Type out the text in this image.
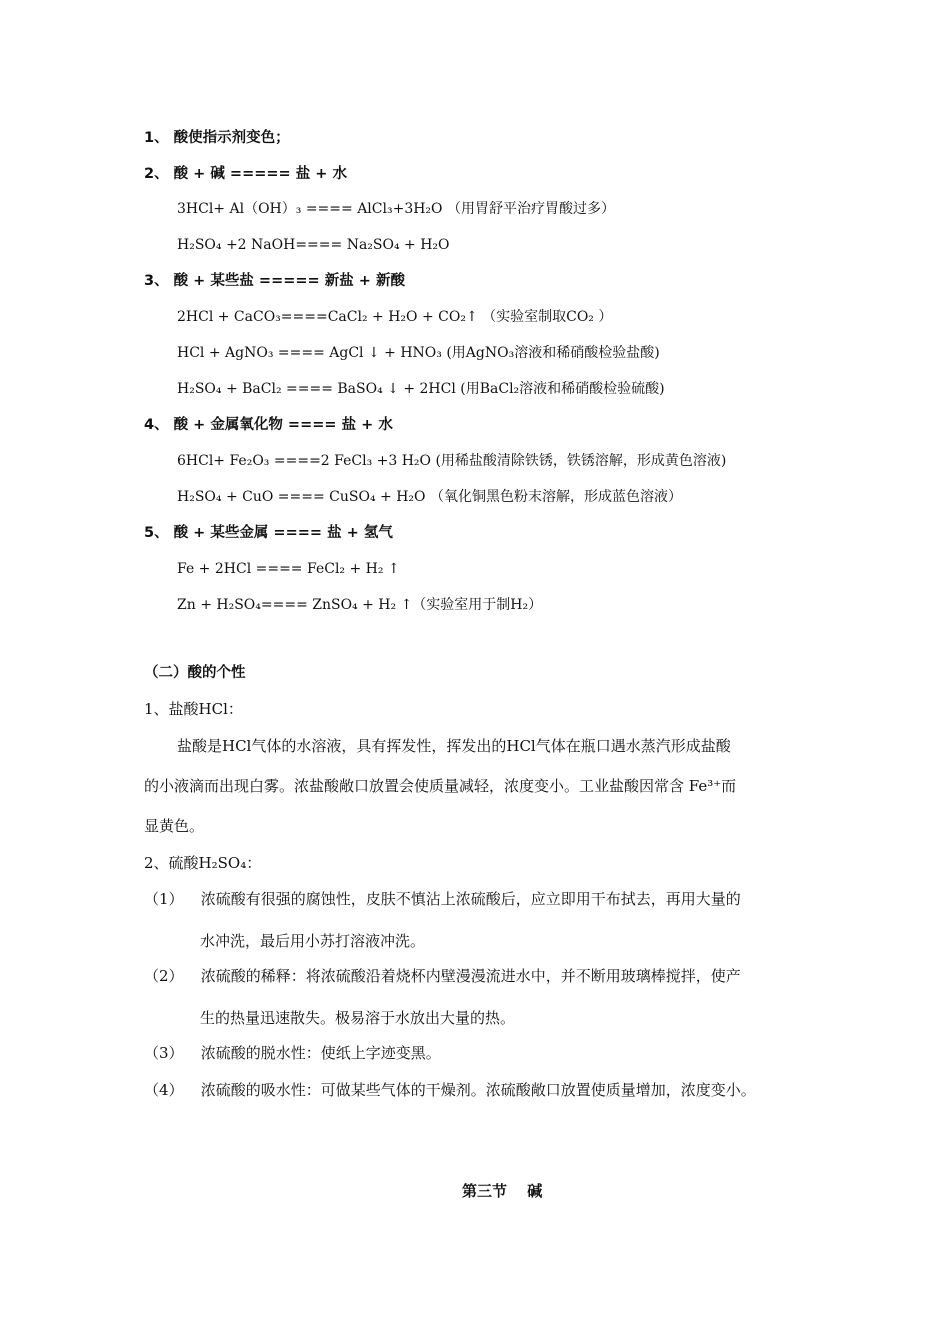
1、 酸使指示剂变色；
2、 酸 + 碱 ===== 盐 + 水
3HCl+ Al（OH）₃ ==== AlCl₃+3H₂O （用胃舒平治疗胃酸过多）
H₂SO₄ +2 NaOH==== Na₂SO₄ + H₂O
3、 酸 + 某些盐 ===== 新盐 + 新酸
2HCl + CaCO₃====CaCl₂ + H₂O + CO₂↑ （实验室制取CO₂ ）
HCl + AgNO₃ ==== AgCl ↓ + HNO₃ (用AgNO₃溶液和稀硝酸检验盐酸)
H₂SO₄ + BaCl₂ ==== BaSO₄ ↓ + 2HCl (用BaCl₂溶液和稀硝酸检验硫酸)
4、 酸 + 金属氧化物 ==== 盐 + 水
6HCl+ Fe₂O₃ ====2 FeCl₃ +3 H₂O (用稀盐酸清除铁锈，铁锈溶解，形成黄色溶液)
H₂SO₄ + CuO ==== CuSO₄ + H₂O （氧化铜黑色粉末溶解，形成蓝色溶液）
5、 酸 + 某些金属 ==== 盐 + 氢气
Fe + 2HCl ==== FeCl₂ + H₂ ↑
Zn + H₂SO₄==== ZnSO₄ + H₂ ↑（实验室用于制H₂）
（二）酸的个性
1、盐酸HCl：
盐酸是HCl气体的水溶液，具有挥发性，挥发出的HCl气体在瓶口遇水蒸汽形成盐酸
的小液滴而出现白雾。浓盐酸敞口放置会使质量减轻，浓度变小。工业盐酸因常含 Fe³⁺而
显黄色。
2、硫酸H₂SO₄：
（1） 浓硫酸有很强的腐蚀性，皮肤不慎沾上浓硫酸后，应立即用干布拭去，再用大量的
水冲洗，最后用小苏打溶液冲洗。
（2） 浓硫酸的稀释：将浓硫酸沿着烧杯内壁漫漫流进水中，并不断用玻璃棒搅拌，使产
生的热量迅速散失。极易溶于水放出大量的热。
（3） 浓硫酸的脱水性：使纸上字迹变黑。
（4） 浓硫酸的吸水性：可做某些气体的干燥剂。浓硫酸敞口放置使质量增加，浓度变小。
第三节　 碱
